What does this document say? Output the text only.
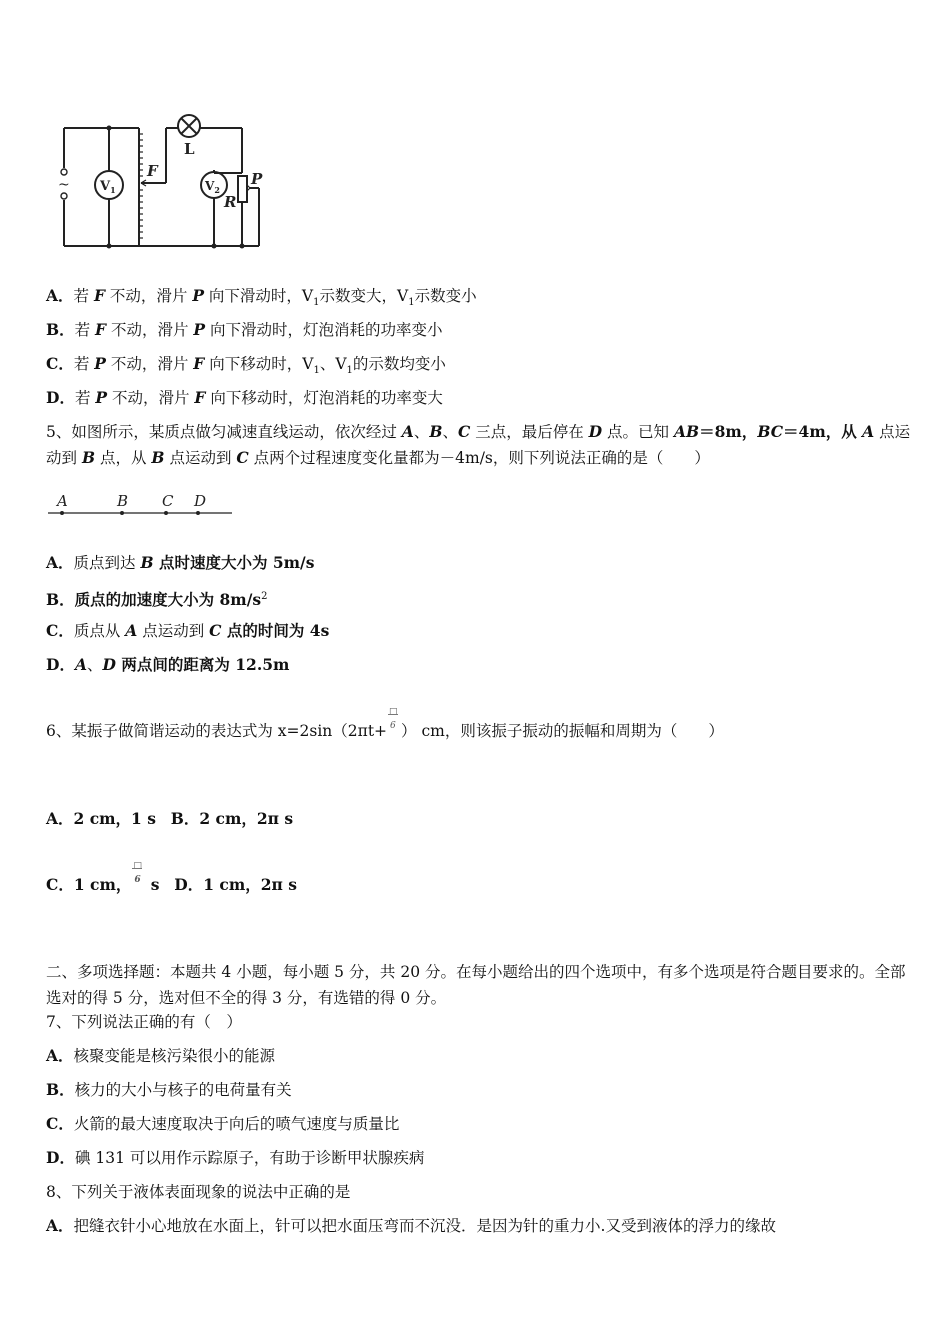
~ $V_1$	$V_2$
F
L
P
R
A．若 F 不动，滑片 P 向下滑动时，$V_1$示数变大，$V_1$示数变小
B．若 F 不动，滑片 P 向下滑动时，灯泡消耗的功率变小
C．若 P 不动，滑片 F 向下移动时，$V_1$、$V_1$的示数均变小
D．若 P 不动，滑片 F 向下移动时，灯泡消耗的功率变大
5、如图所示，某质点做匀减速直线运动，依次经过 A、B、C 三点，最后停在 D 点。已知 AB＝8m，BC＝4m，从 A 点运动到 B 点，从 B 点运动到 C 点两个过程速度变化量都为－4m/s，则下列说法正确的是（　　）
A	B C D
A．质点到达 B 点时速度大小为 5m/s
B．质点的加速度大小为 $8m/s^2$
C．质点从 A 点运动到 C 点的时间为 4s
D．A、D 两点间的距离为 12.5m
6、某振子做简谐运动的表达式为 x=2sin（2πt+
□
6 ） cm，则该振子振动的振幅和周期为（　　）
A．2 cm，1 s B．2 cm，2π s
C．1 cm，
□
6 s D．1 cm，2π s
二、多项选择题：本题共 4 小题，每小题 5 分，共 20 分。在每小题给出的四个选项中，有多个选项是符合题目要求的。全部选对的得 5 分，选对但不全的得 3 分，有选错的得 0 分。
7、下列说法正确的有（　）
A．核聚变能是核污染很小的能源
B．核力的大小与核子的电荷量有关
C．火箭的最大速度取决于向后的喷气速度与质量比
D．碘 131 可以用作示踪原子，有助于诊断甲状腺疾病
8、下列关于液体表面现象的说法中正确的是
A．把缝衣针小心地放在水面上，针可以把水面压弯而不沉没．是因为针的重力小.又受到液体的浮力的缘故
